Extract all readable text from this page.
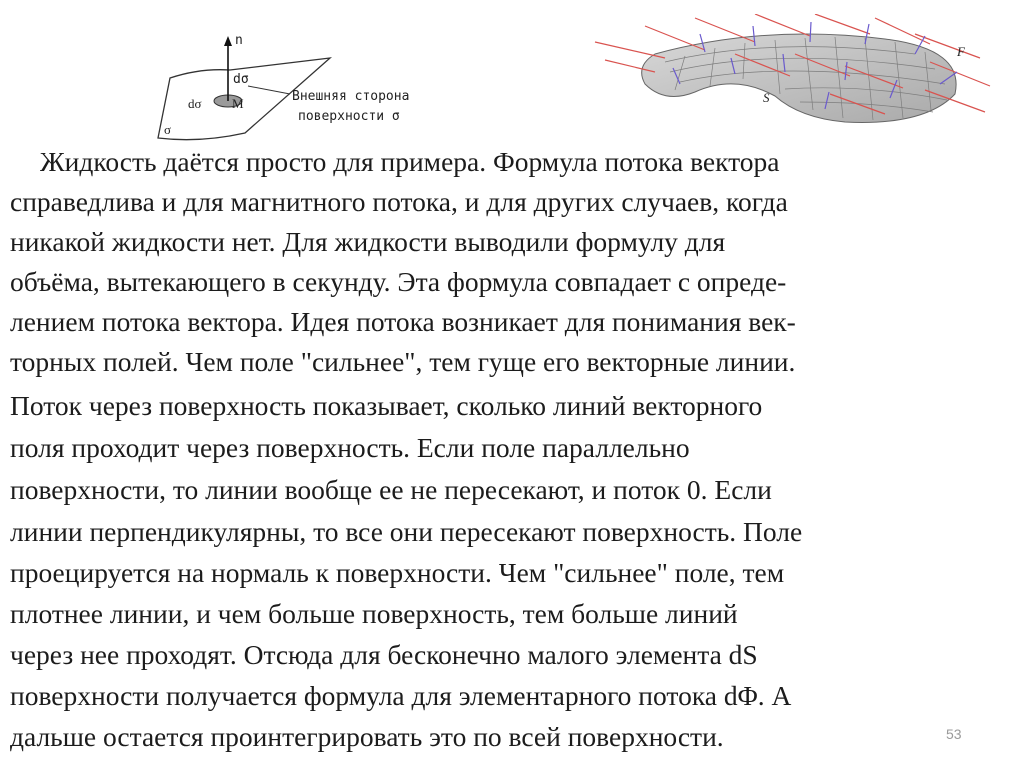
n
dσ
dσ M
σ
Внешняя сторона
поверхности σ
S
F
Жидкость даётся просто для примера. Формула потока вектора
справедлива и для магнитного потока, и для других случаев, когда
никакой жидкости нет. Для жидкости выводили формулу для
объёма, вытекающего в секунду. Эта формула совпадает с опреде-
лением потока вектора. Идея потока возникает для понимания век-
торных полей. Чем поле "сильнее", тем гуще его векторные линии.
Поток через поверхность показывает, сколько линий векторного
поля проходит через поверхность. Если поле параллельно
поверхности, то линии вообще ее не пересекают, и поток 0. Если
линии перпендикулярны, то все они пересекают поверхность. Поле
проецируется на нормаль к поверхности. Чем "сильнее" поле, тем
плотнее линии, и чем больше поверхность, тем больше линий
через нее проходят. Отсюда для бесконечно малого элемента dS
поверхности получается формула для элементарного потока dΦ. А
дальше остается проинтегрировать это по всей поверхности.	53
